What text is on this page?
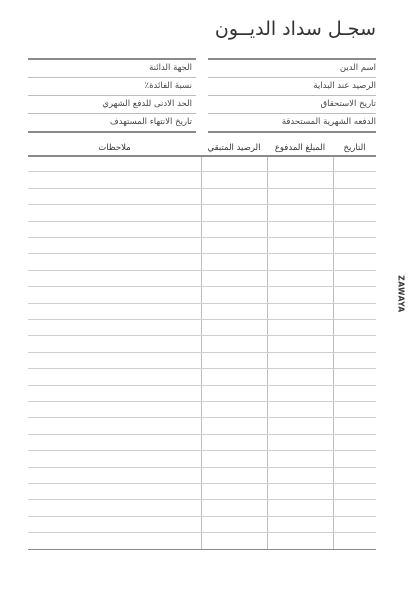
سجـل سداد الديــون
اسم الدين
الرصيد عند البداية
تاريخ الاستحقاق
الدفعه الشهرية المستحدقة
الجهة الدائنة
نسبة الفائدة٪
الحد الادنى للدفع الشهري
تاريخ الانتهاء المستهدف
التاريخ
المبلغ المدفوع
الرصيد المتبقي
ملاحظات
ZAWAYA
